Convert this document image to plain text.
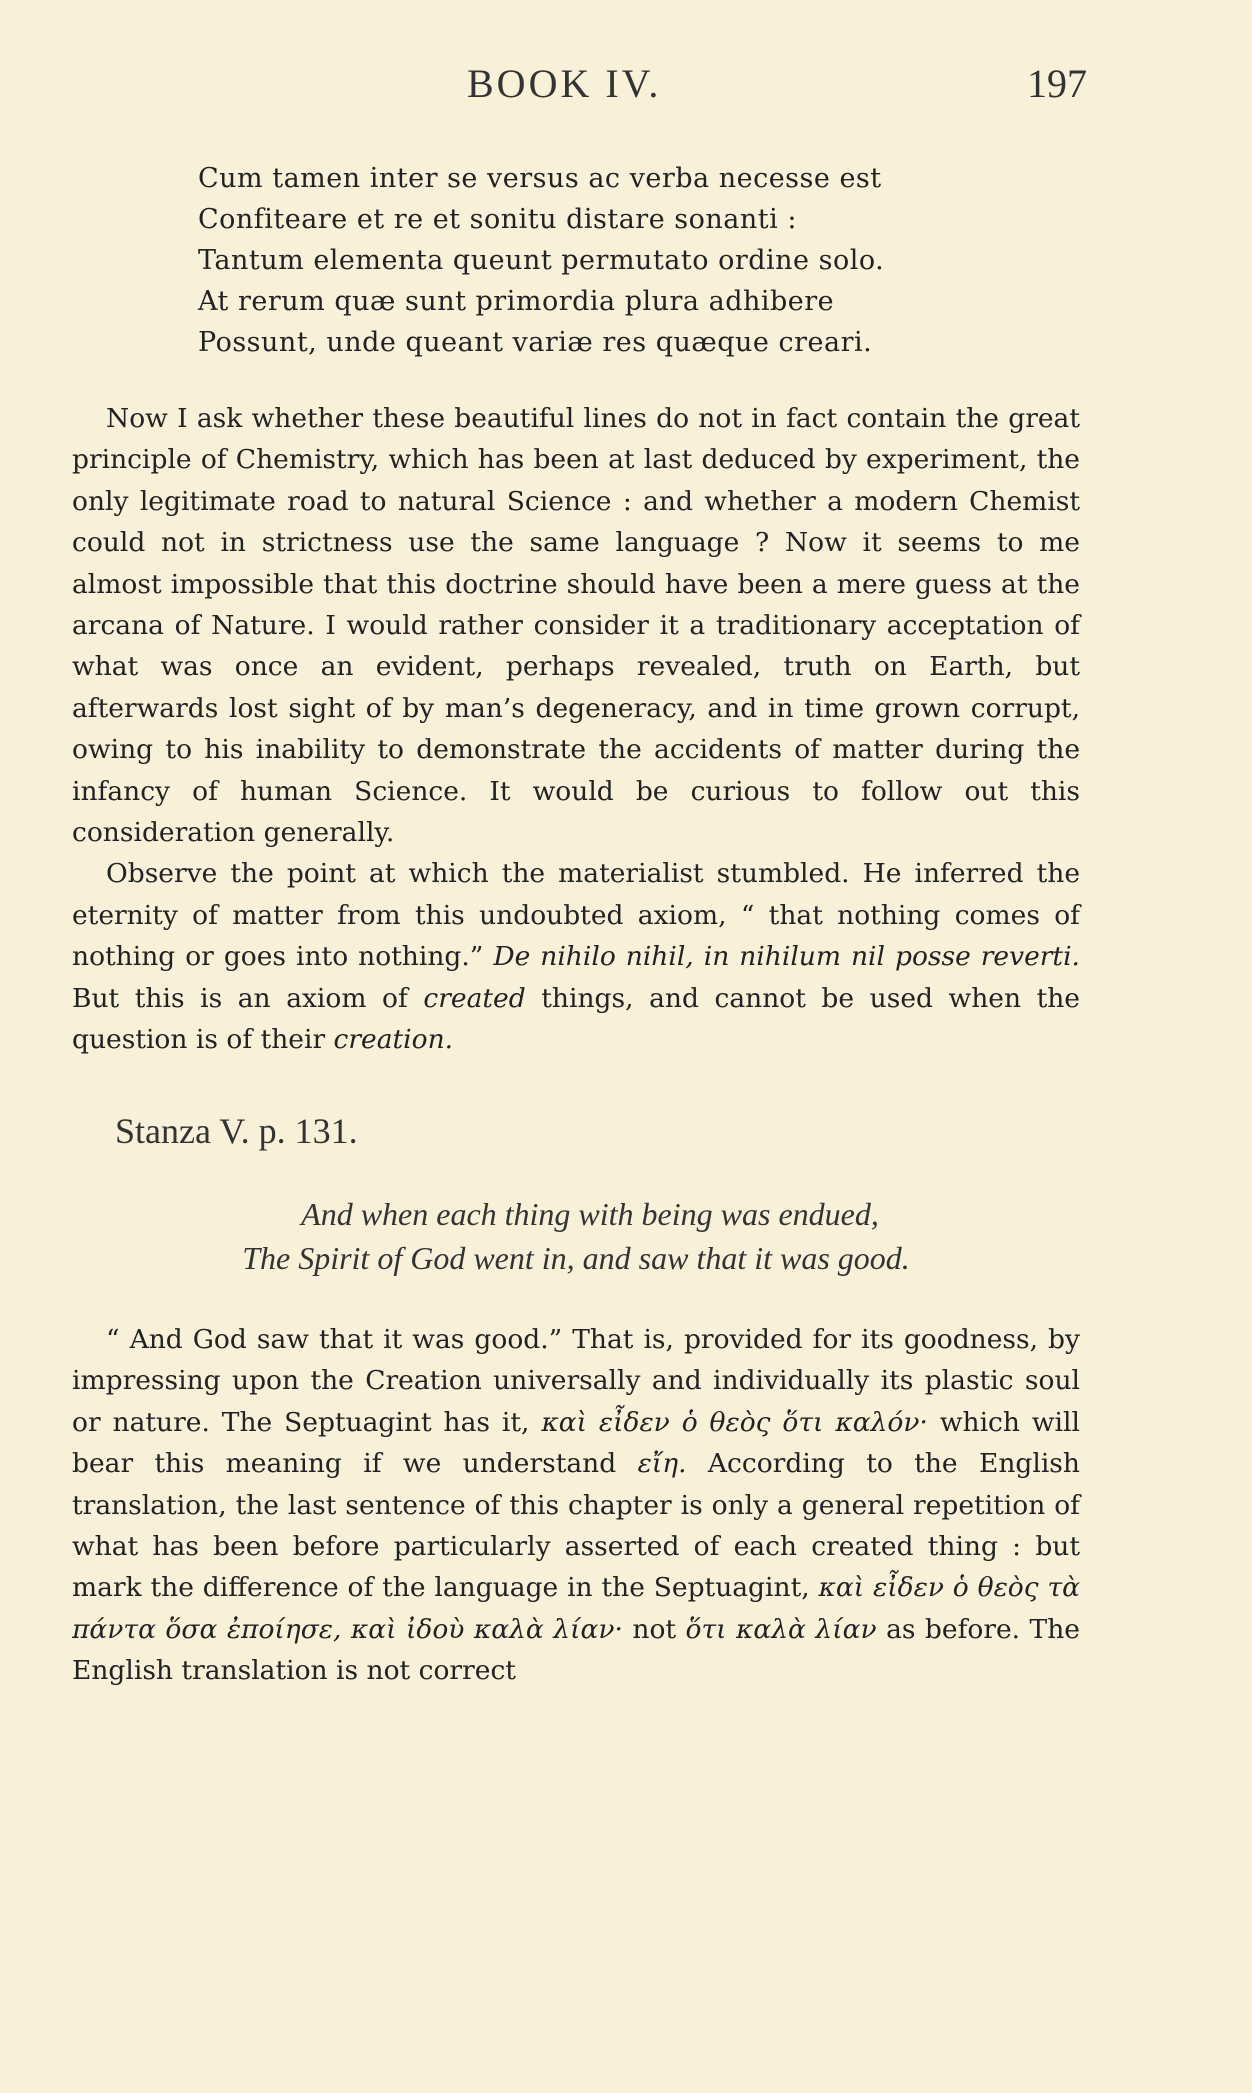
BOOK IV.	197
Cum tamen inter se versus ac verba necesse est
Confiteare et re et sonitu distare sonanti :
Tantum elementa queunt permutato ordine solo.
At rerum quæ sunt primordia plura adhibere
Possunt, unde queant variæ res quæque creari.

Now I ask whether these beautiful lines do not in fact contain the great principle of Chemistry, which has been at last deduced by experiment, the only legitimate road to natural Science : and whether a modern Chemist could not in strictness use the same language ? Now it seems to me almost impossible that this doctrine should have been a mere guess at the arcana of Nature. I would rather consider it a traditionary acceptation of what was once an evident, perhaps revealed, truth on Earth, but afterwards lost sight of by man’s degeneracy, and in time grown corrupt, owing to his inability to demonstrate the accidents of matter during the infancy of human Science. It would be curious to follow out this consideration generally.

Observe the point at which the materialist stumbled. He inferred the eternity of matter from this undoubted axiom, “ that nothing comes of nothing or goes into nothing.” De nihilo nihil, in nihilum nil posse reverti. But this is an axiom of created things, and cannot be used when the question is of their creation.

Stanza V. p. 131.
And when each thing with being was endued,
The Spirit of God went in, and saw that it was good.

“ And God saw that it was good.” That is, provided for its goodness, by impressing upon the Creation universally and individually its plastic soul or nature. The Septuagint has it, καὶ εἶδεν ὁ θεὸς ὅτι καλόν· which will bear this meaning if we understand εἴη. According to the English translation, the last sentence of this chapter is only a general repetition of what has been before particularly asserted of each created thing : but mark the difference of the language in the Septuagint, καὶ εἶδεν ὁ θεὸς τὰ πάντα ὅσα ἐποίησε, καὶ ἰδοὺ καλὰ λίαν· not ὅτι καλὰ λίαν as before. The English translation is not correct
